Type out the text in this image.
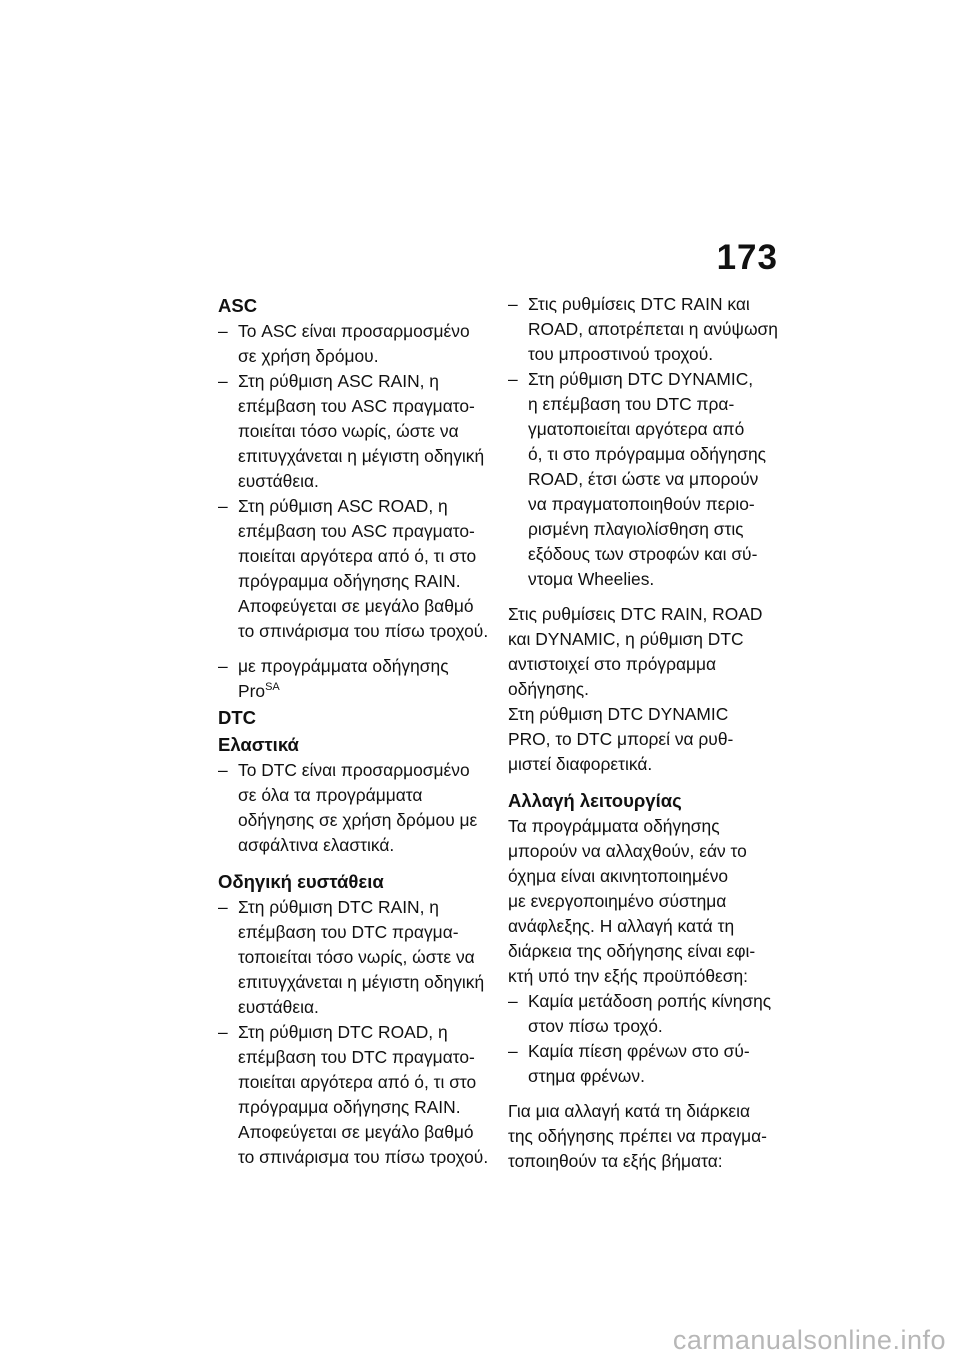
173

ASC

– Το ASC είναι προσαρμοσμένο
σε χρήση δρόμου.
– Στη ρύθμιση ASC RAIN, η
επέμβαση του ASC πραγματο-
ποιείται τόσο νωρίς, ώστε να
επιτυγχάνεται η μέγιστη οδηγική
ευστάθεια.
– Στη ρύθμιση ASC ROAD, η
επέμβαση του ASC πραγματο-
ποιείται αργότερα από ό, τι στο
πρόγραμμα οδήγησης RAIN.
Αποφεύγεται σε μεγάλο βαθμό
το σπινάρισμα του πίσω τροχού.
– με προγράμματα οδήγησης
Pro$^{SA}$

DTC

Ελαστικά

– Το DTC είναι προσαρμοσμένο
σε όλα τα προγράμματα
οδήγησης σε χρήση δρόμου με
ασφάλτινα ελαστικά.

Οδηγική ευστάθεια

– Στη ρύθμιση DTC RAIN, η
επέμβαση του DTC πραγμα-
τοποιείται τόσο νωρίς, ώστε να
επιτυγχάνεται η μέγιστη οδηγική
ευστάθεια.
– Στη ρύθμιση DTC ROAD, η
επέμβαση του DTC πραγματο-
ποιείται αργότερα από ό, τι στο
πρόγραμμα οδήγησης RAIN.
Αποφεύγεται σε μεγάλο βαθμό
το σπινάρισμα του πίσω τροχού.
– Στις ρυθμίσεις DTC RAIN και
ROAD, αποτρέπεται η ανύψωση
του μπροστινού τροχού.
– Στη ρύθμιση DTC DYNAMIC,
η επέμβαση του DTC πρα-
γματοποιείται αργότερα από
ό, τι στο πρόγραμμα οδήγησης
ROAD, έτσι ώστε να μπορούν
να πραγματοποιηθούν περιο-
ρισμένη πλαγιολίσθηση στις
εξόδους των στροφών και σύ-
ντομα Wheelies.
Στις ρυθμίσεις DTC RAIN, ROAD
και DYNAMIC, η ρύθμιση DTC
αντιστοιχεί στο πρόγραμμα
οδήγησης.
Στη ρύθμιση DTC DYNAMIC
PRO, το DTC μπορεί να ρυθ-
μιστεί διαφορετικά.

Αλλαγή λειτουργίας

Τα προγράμματα οδήγησης
μπορούν να αλλαχθούν, εάν το
όχημα είναι ακινητοποιημένο
με ενεργοποιημένο σύστημα
ανάφλεξης. Η αλλαγή κατά τη
διάρκεια της οδήγησης είναι εφι-
κτή υπό την εξής προϋπόθεση:
– Καμία μετάδοση ροπής κίνησης
στον πίσω τροχό.
– Καμία πίεση φρένων στο σύ-
στημα φρένων.
Για μια αλλαγή κατά τη διάρκεια
της οδήγησης πρέπει να πραγμα-
τοποιηθούν τα εξής βήματα:
carmanualsonline.info
